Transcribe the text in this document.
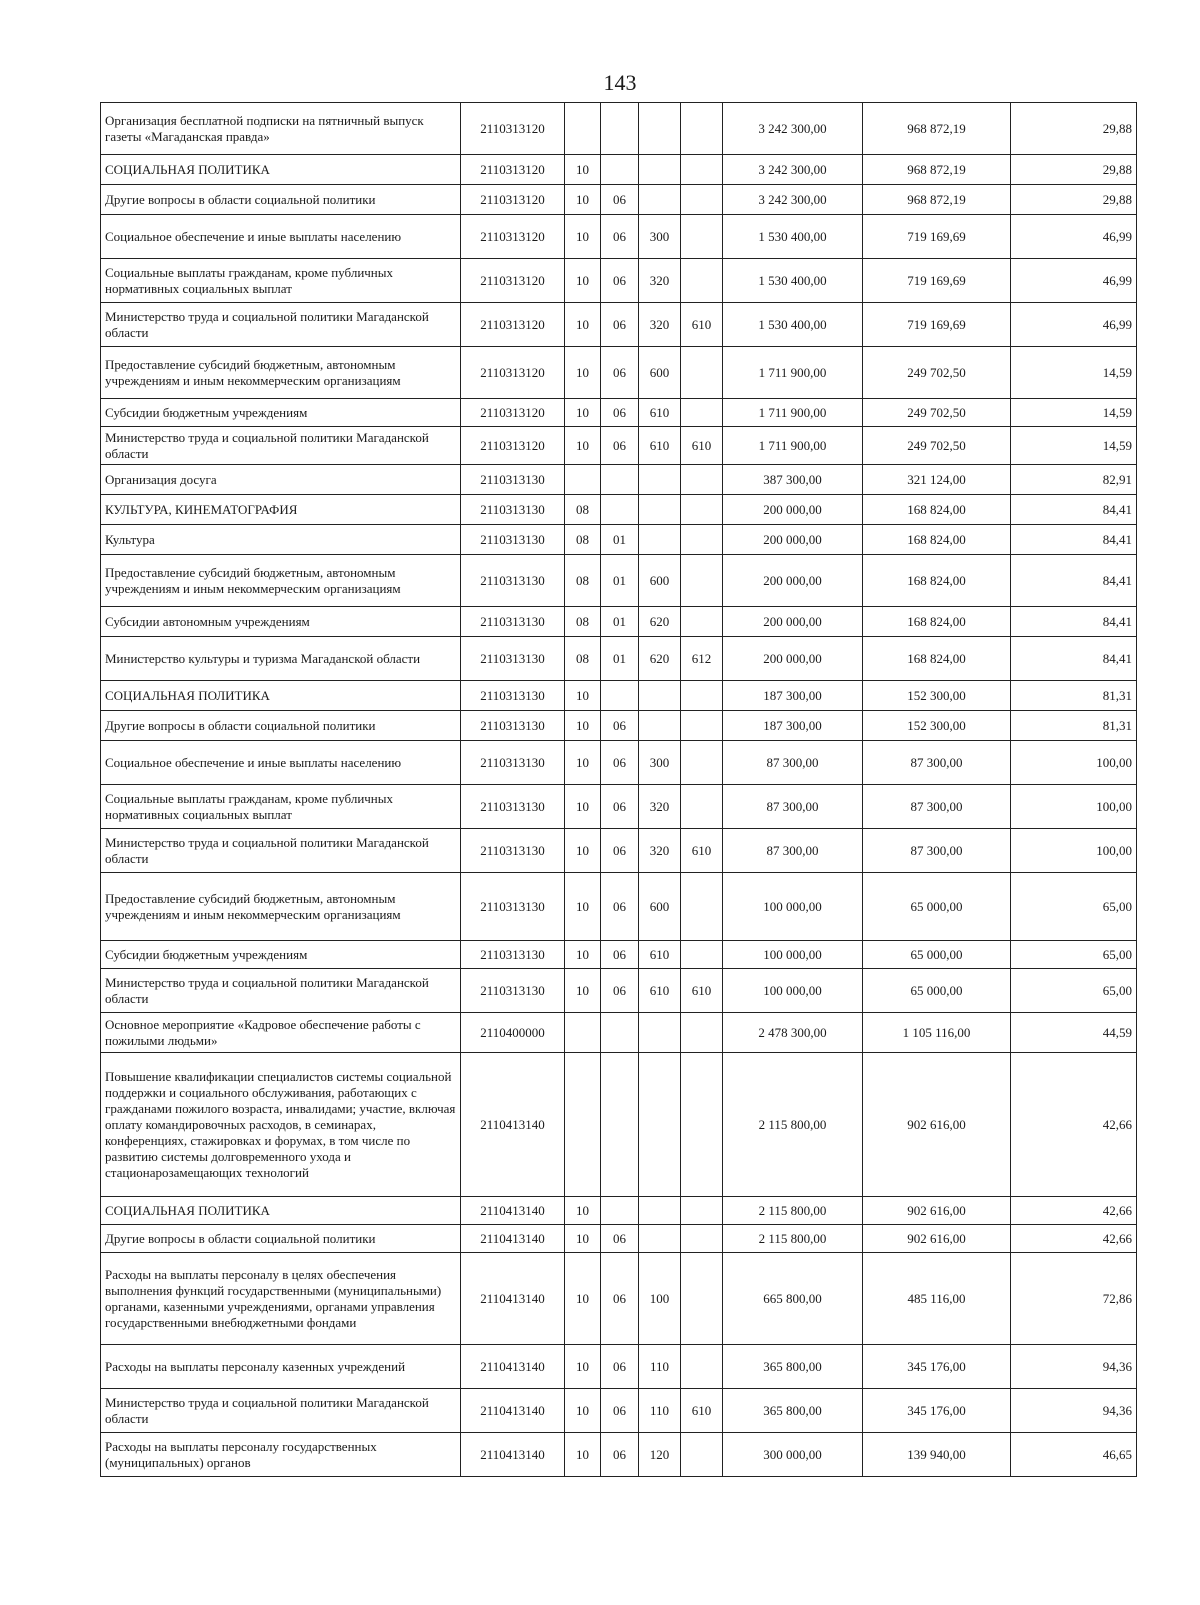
143
Организация бесплатной подписки на пятничный выпуск газеты «Магаданская правда»	2110313120					3 242 300,00	968 872,19	29,88
СОЦИАЛЬНАЯ ПОЛИТИКА	2110313120	10				3 242 300,00	968 872,19	29,88
Другие вопросы в области социальной политики	2110313120	10	06			3 242 300,00	968 872,19	29,88
Социальное обеспечение и иные выплаты населению	2110313120	10	06	300		1 530 400,00	719 169,69	46,99
Социальные выплаты гражданам, кроме публичных нормативных социальных выплат	2110313120	10	06	320		1 530 400,00	719 169,69	46,99
Министерство труда и социальной политики Магаданской области	2110313120	10	06	320	610	1 530 400,00	719 169,69	46,99
Предоставление субсидий бюджетным, автономным учреждениям и иным некоммерческим организациям	2110313120	10	06	600		1 711 900,00	249 702,50	14,59
Субсидии бюджетным учреждениям	2110313120	10	06	610		1 711 900,00	249 702,50	14,59
Министерство труда и социальной политики Магаданской области	2110313120	10	06	610	610	1 711 900,00	249 702,50	14,59
Организация досуга	2110313130					387 300,00	321 124,00	82,91
КУЛЬТУРА, КИНЕМАТОГРАФИЯ	2110313130	08				200 000,00	168 824,00	84,41
Культура	2110313130	08	01			200 000,00	168 824,00	84,41
Предоставление субсидий бюджетным, автономным учреждениям и иным некоммерческим организациям	2110313130	08	01	600		200 000,00	168 824,00	84,41
Субсидии автономным учреждениям	2110313130	08	01	620		200 000,00	168 824,00	84,41
Министерство культуры и туризма Магаданской области	2110313130	08	01	620	612	200 000,00	168 824,00	84,41
СОЦИАЛЬНАЯ ПОЛИТИКА	2110313130	10				187 300,00	152 300,00	81,31
Другие вопросы в области социальной политики	2110313130	10	06			187 300,00	152 300,00	81,31
Социальное обеспечение и иные выплаты населению	2110313130	10	06	300		87 300,00	87 300,00	100,00
Социальные выплаты гражданам, кроме публичных нормативных социальных выплат	2110313130	10	06	320		87 300,00	87 300,00	100,00
Министерство труда и социальной политики Магаданской области	2110313130	10	06	320	610	87 300,00	87 300,00	100,00
Предоставление субсидий бюджетным, автономным учреждениям и иным некоммерческим организациям	2110313130	10	06	600		100 000,00	65 000,00	65,00
Субсидии бюджетным учреждениям	2110313130	10	06	610		100 000,00	65 000,00	65,00
Министерство труда и социальной политики Магаданской области	2110313130	10	06	610	610	100 000,00	65 000,00	65,00
Основное мероприятие «Кадровое обеспечение работы с пожилыми людьми»	2110400000					2 478 300,00	1 105 116,00	44,59
Повышение квалификации специалистов системы социальной поддержки и социального обслуживания, работающих с гражданами пожилого возраста, инвалидами; участие, включая оплату командировочных расходов, в семинарах, конференциях, стажировках и форумах, в том числе по развитию системы долговременного ухода и стационарозамещающих технологий	2110413140					2 115 800,00	902 616,00	42,66
СОЦИАЛЬНАЯ ПОЛИТИКА	2110413140	10				2 115 800,00	902 616,00	42,66
Другие вопросы в области социальной политики	2110413140	10	06			2 115 800,00	902 616,00	42,66
Расходы на выплаты персоналу в целях обеспечения выполнения функций государственными (муниципальными) органами, казенными учреждениями, органами управления государственными внебюджетными фондами	2110413140	10	06	100		665 800,00	485 116,00	72,86
Расходы на выплаты персоналу казенных учреждений	2110413140	10	06	110		365 800,00	345 176,00	94,36
Министерство труда и социальной политики Магаданской области	2110413140	10	06	110	610	365 800,00	345 176,00	94,36
Расходы на выплаты персоналу государственных (муниципальных) органов	2110413140	10	06	120		300 000,00	139 940,00	46,65
